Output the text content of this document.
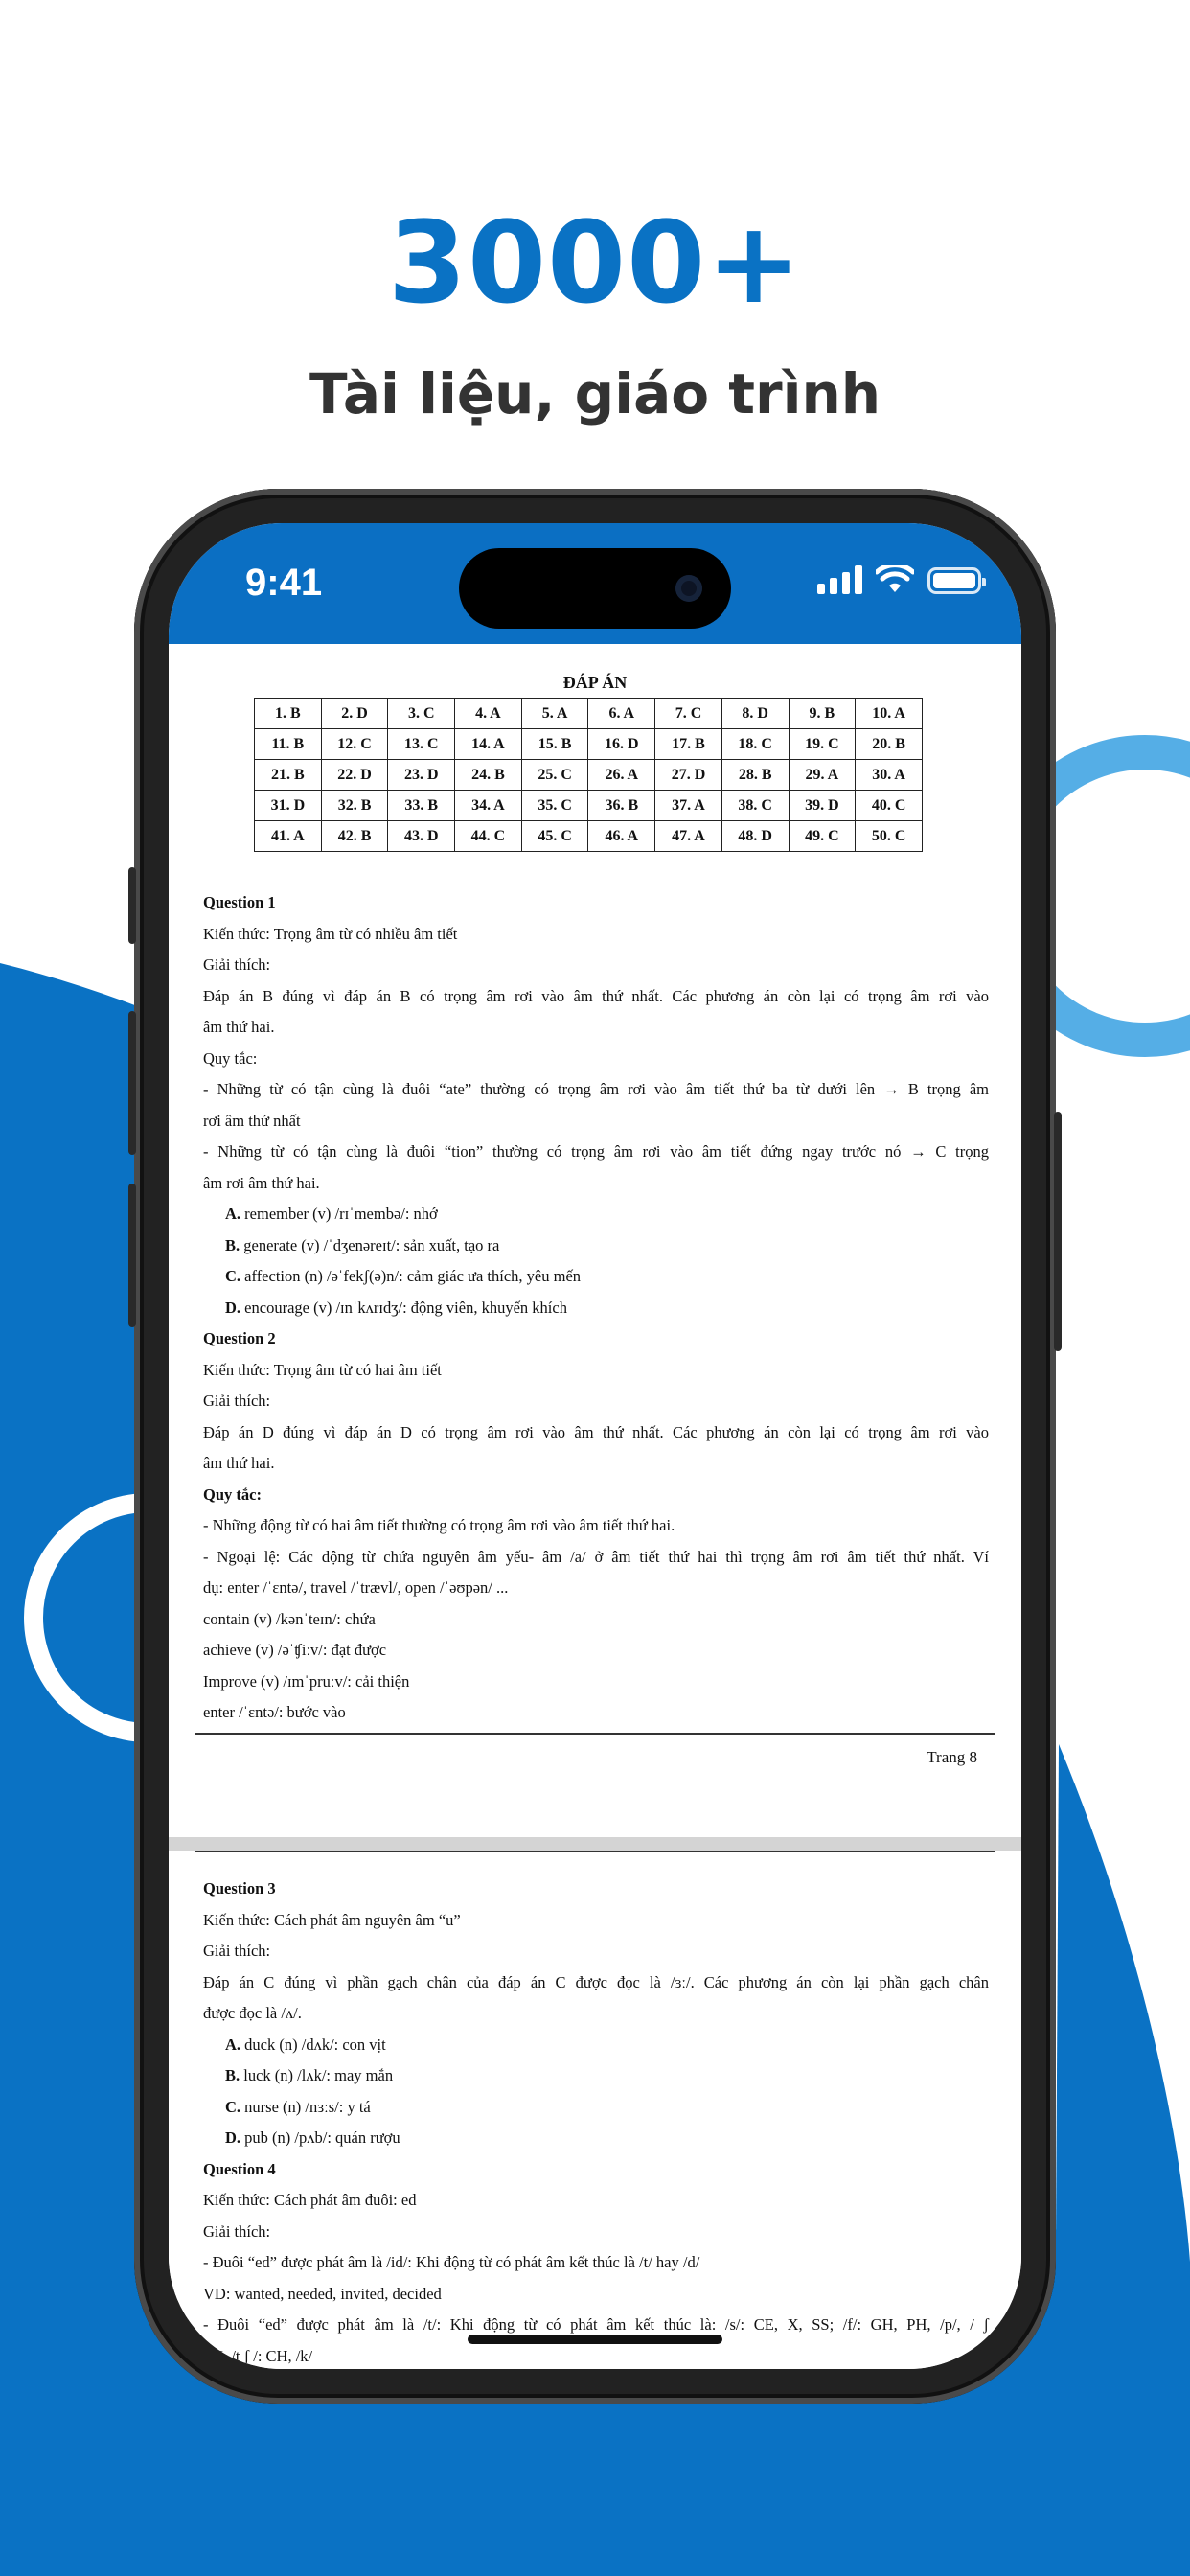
3000+
Tài liệu, giáo trình
9:41
ĐÁP ÁN
1. B	2. D	3. C	4. A	5. A	6. A	7. C	8. D	9. B	10. A
11. B	12. C	13. C	14. A	15. B	16. D	17. B	18. C	19. C	20. B
21. B	22. D	23. D	24. B	25. C	26. A	27. D	28. B	29. A	30. A
31. D	32. B	33. B	34. A	35. C	36. B	37. A	38. C	39. D	40. C
41. A	42. B	43. D	44. C	45. C	46. A	47. A	48. D	49. C	50. C
Question 1
Kiến thức: Trọng âm từ có nhiều âm tiết
Giải thích:
Đáp án B đúng vì đáp án B có trọng âm rơi vào âm thứ nhất. Các phương án còn lại có trọng âm rơi vào
âm thứ hai.
Quy tắc:
- Những từ có tận cùng là đuôi “ate” thường có trọng âm rơi vào âm tiết thứ ba từ dưới lên → B trọng âm
rơi âm thứ nhất
- Những từ có tận cùng là đuôi “tion” thường có trọng âm rơi vào âm tiết đứng ngay trước nó → C trọng
âm rơi âm thứ hai.
A. remember (v) /rɪˈmembə/: nhớ
B. generate (v) /ˈdʒenəreɪt/: sản xuất, tạo ra
C. affection (n) /əˈfekʃ(ə)n/: cảm giác ưa thích, yêu mến
D. encourage (v) /ɪnˈkʌrɪdʒ/: động viên, khuyến khích
Question 2
Kiến thức: Trọng âm từ có hai âm tiết
Giải thích:
Đáp án D đúng vì đáp án D có trọng âm rơi vào âm thứ nhất. Các phương án còn lại có trọng âm rơi vào
âm thứ hai.
Quy tắc:
- Những động từ có hai âm tiết thường có trọng âm rơi vào âm tiết thứ hai.
- Ngoại lệ: Các động từ chứa nguyên âm yếu- âm /a/ ở âm tiết thứ hai thì trọng âm rơi âm tiết thứ nhất. Ví
dụ: enter /ˈɛntə/, travel /ˈtrævl/, open /ˈəʊpən/ ...
contain (v) /kənˈteɪn/: chứa
achieve (v) /əˈʧiːv/: đạt được
Improve (v) /ɪmˈpruːv/: cải thiện
enter /ˈɛntə/: bước vào
Trang 8
Question 3
Kiến thức: Cách phát âm nguyên âm “u”
Giải thích:
Đáp án C đúng vì phần gạch chân của đáp án C được đọc là /ɜː/. Các phương án còn lại phần gạch chân
được đọc là /ʌ/.
A. duck (n) /dʌk/: con vịt
B. luck (n) /lʌk/: may mắn
C. nurse (n) /nɜːs/: y tá
D. pub (n) /pʌb/: quán rượu
Question 4
Kiến thức: Cách phát âm đuôi: ed
Giải thích:
- Đuôi “ed” được phát âm là /id/: Khi động từ có phát âm kết thúc là /t/ hay /d/
VD: wanted, needed, invited, decided
- Đuôi “ed” được phát âm là /t/: Khi động từ có phát âm kết thúc là: /s/: CE, X, SS; /f/: GH, PH, /p/, / ʃ
SH, /t ʃ /: CH, /k/
